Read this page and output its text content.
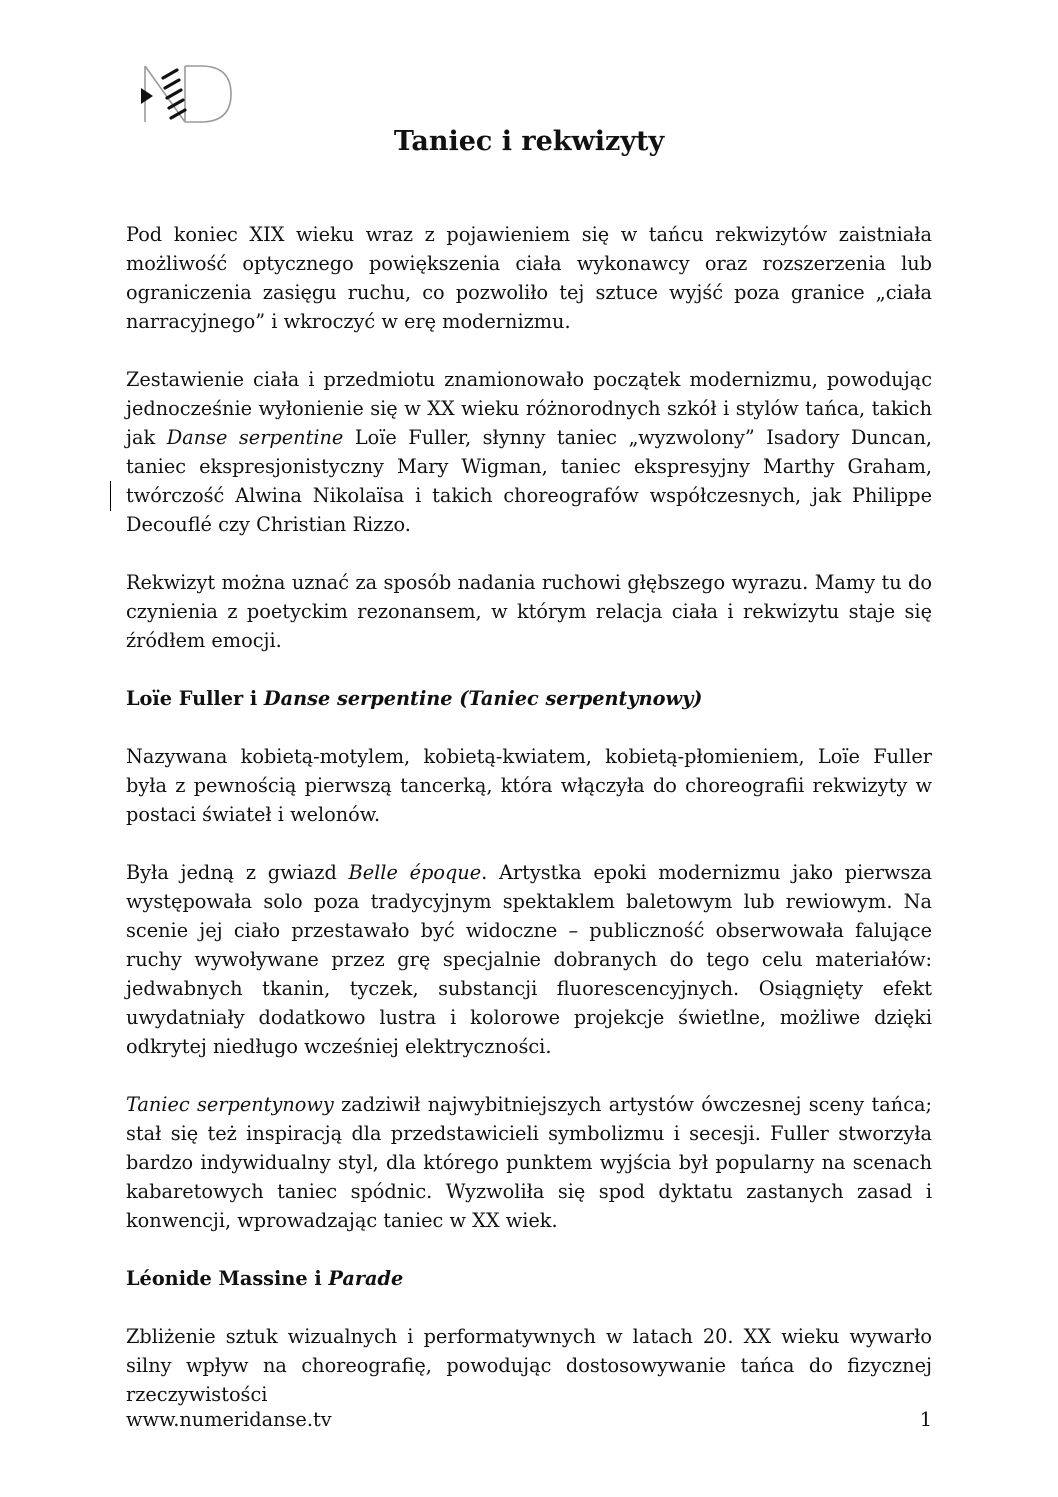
Taniec i rekwizyty

Pod koniec XIX wieku wraz z pojawieniem się w tańcu rekwizytów zaistniała możliwość optycznego powiększenia ciała wykonawcy oraz rozszerzenia lub ograniczenia zasięgu ruchu, co pozwoliło tej sztuce wyjść poza granice „ciała narracyjnego” i wkroczyć w erę modernizmu.

Zestawienie ciała i przedmiotu znamionowało początek modernizmu, powodując jednocześnie wyłonienie się w XX wieku różnorodnych szkół i stylów tańca, takich jak Danse serpentine Loïe Fuller, słynny taniec „wyzwolony” Isadory Duncan, taniec ekspresjonistyczny Mary Wigman, taniec ekspresyjny Marthy Graham, twórczość Alwina Nikolaïsa i takich choreografów współczesnych, jak Philippe Decouflé czy Christian Rizzo.

Rekwizyt można uznać za sposób nadania ruchowi głębszego wyrazu. Mamy tu do czynienia z poetyckim rezonansem, w którym relacja ciała i rekwizytu staje się źródłem emocji.

Loïe Fuller i Danse serpentine (Taniec serpentynowy)

Nazywana kobietą-motylem, kobietą-kwiatem, kobietą-płomieniem, Loïe Fuller była z pewnością pierwszą tancerką, która włączyła do choreografii rekwizyty w postaci świateł i welonów.

Była jedną z gwiazd Belle époque. Artystka epoki modernizmu jako pierwsza występowała solo poza tradycyjnym spektaklem baletowym lub rewiowym. Na scenie jej ciało przestawało być widoczne – publiczność obserwowała falujące ruchy wywoływane przez grę specjalnie dobranych do tego celu materiałów: jedwabnych tkanin, tyczek, substancji fluorescencyjnych. Osiągnięty efekt uwydatniały dodatkowo lustra i kolorowe projekcje świetlne, możliwe dzięki odkrytej niedługo wcześniej elektryczności.

Taniec serpentynowy zadziwił najwybitniejszych artystów ówczesnej sceny tańca; stał się też inspiracją dla przedstawicieli symbolizmu i secesji. Fuller stworzyła bardzo indywidualny styl, dla którego punktem wyjścia był popularny na scenach kabaretowych taniec spódnic. Wyzwoliła się spod dyktatu zastanych zasad i konwencji, wprowadzając taniec w XX wiek.

Léonide Massine i Parade

Zbliżenie sztuk wizualnych i performatywnych w latach 20. XX wieku wywarło silny wpływ na choreografię, powodując dostosowywanie tańca do fizycznej rzeczywistości

www.numeridanse.tv	1
